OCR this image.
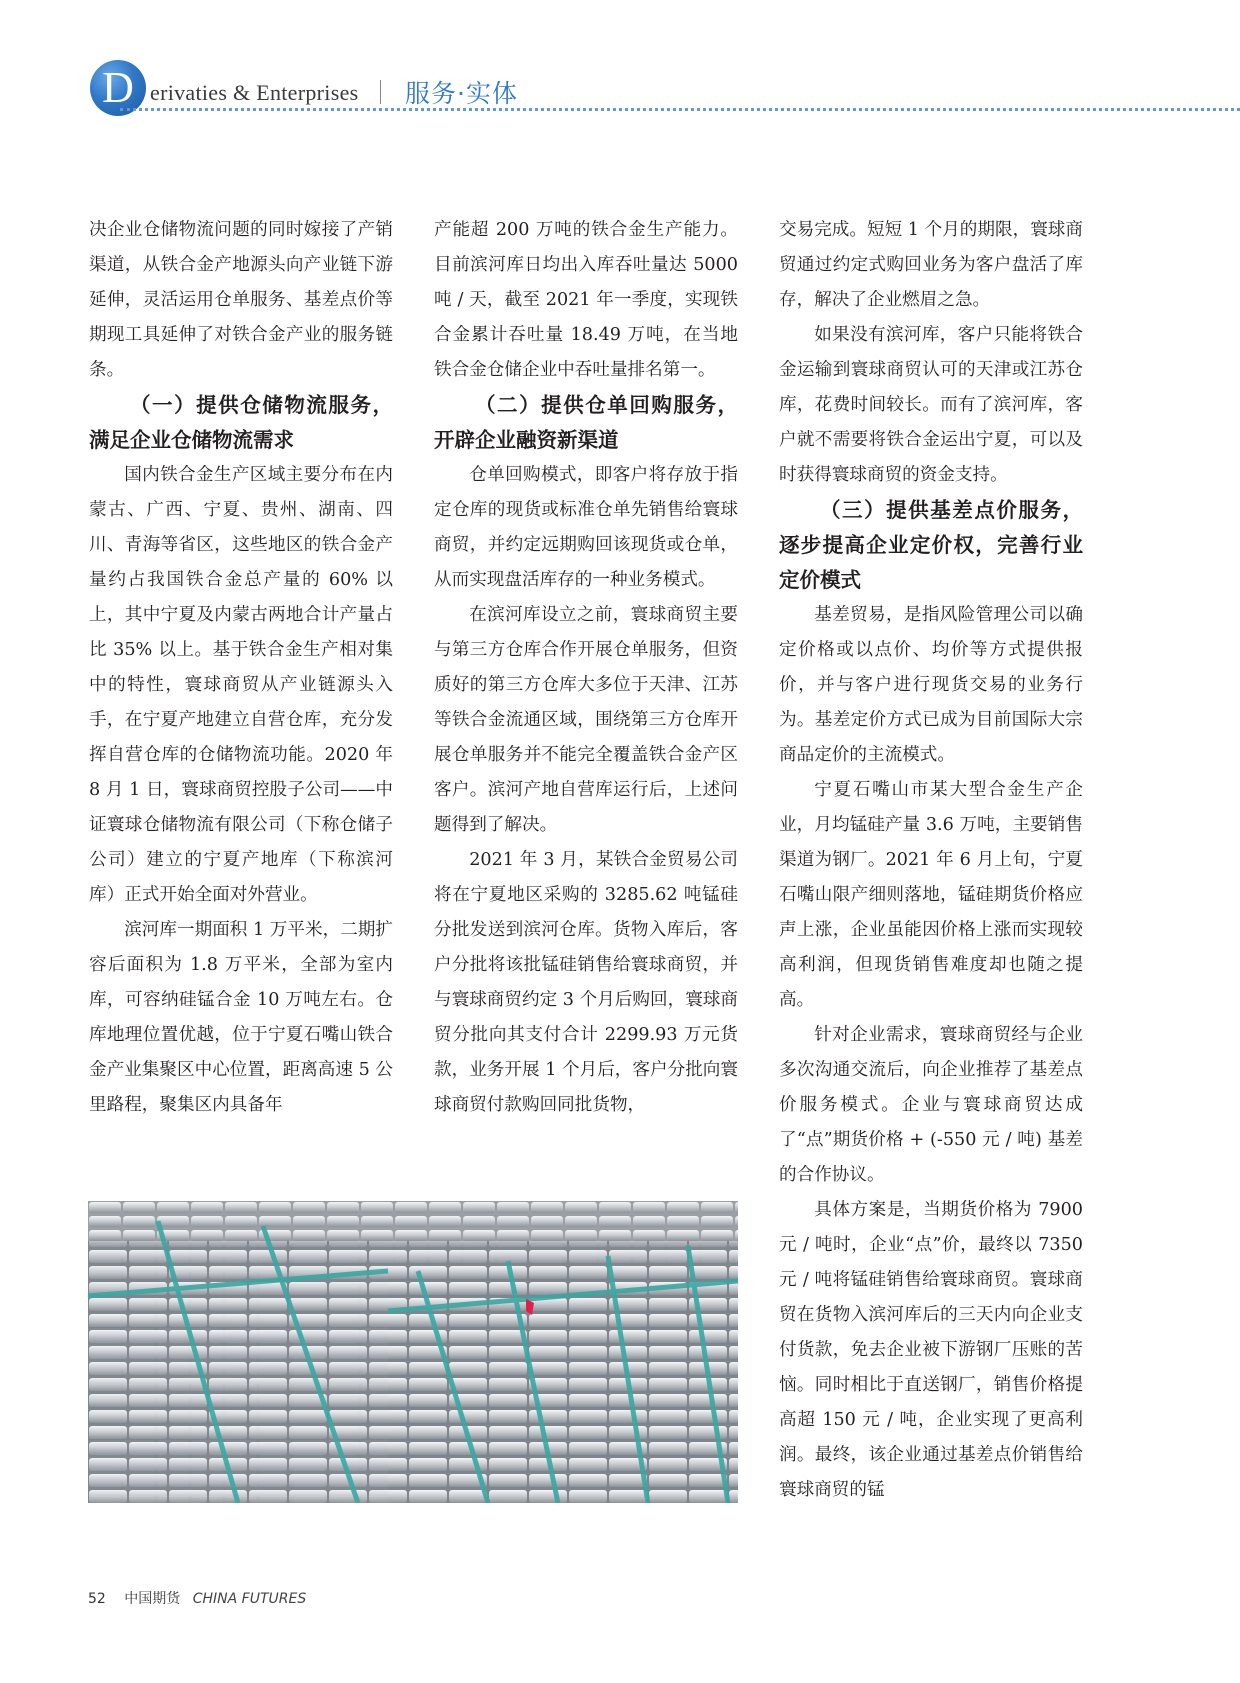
D erivaties & Enterprises 服务·实体

决企业仓储物流问题的同时嫁接了产销渠道，从铁合金产地源头向产业链下游延伸，灵活运用仓单服务、基差点价等期现工具延伸了对铁合金产业的服务链条。

（一）提供仓储物流服务，满足企业仓储物流需求

国内铁合金生产区域主要分布在内蒙古、广西、宁夏、贵州、湖南、四川、青海等省区，这些地区的铁合金产量约占我国铁合金总产量的 60% 以上，其中宁夏及内蒙古两地合计产量占比 35% 以上。基于铁合金生产相对集中的特性，寰球商贸从产业链源头入手，在宁夏产地建立自营仓库，充分发挥自营仓库的仓储物流功能。2020 年 8 月 1 日，寰球商贸控股子公司——中证寰球仓储物流有限公司（下称仓储子公司）建立的宁夏产地库（下称滨河库）正式开始全面对外营业。

滨河库一期面积 1 万平米，二期扩容后面积为 1.8 万平米，全部为室内库，可容纳硅锰合金 10 万吨左右。仓库地理位置优越，位于宁夏石嘴山铁合金产业集聚区中心位置，距离高速 5 公里路程，聚集区内具备年

产能超 200 万吨的铁合金生产能力。目前滨河库日均出入库吞吐量达 5000 吨 / 天，截至 2021 年一季度，实现铁合金累计吞吐量 18.49 万吨，在当地铁合金仓储企业中吞吐量排名第一。

（二）提供仓单回购服务，开辟企业融资新渠道

仓单回购模式，即客户将存放于指定仓库的现货或标准仓单先销售给寰球商贸，并约定远期购回该现货或仓单，从而实现盘活库存的一种业务模式。

在滨河库设立之前，寰球商贸主要与第三方仓库合作开展仓单服务，但资质好的第三方仓库大多位于天津、江苏等铁合金流通区域，围绕第三方仓库开展仓单服务并不能完全覆盖铁合金产区客户。滨河产地自营库运行后，上述问题得到了解决。

2021 年 3 月，某铁合金贸易公司将在宁夏地区采购的 3285.62 吨锰硅分批发送到滨河仓库。货物入库后，客户分批将该批锰硅销售给寰球商贸，并与寰球商贸约定 3 个月后购回，寰球商贸分批向其支付合计 2299.93 万元货款，业务开展 1 个月后，客户分批向寰球商贸付款购回同批货物，

交易完成。短短 1 个月的期限，寰球商贸通过约定式购回业务为客户盘活了库存，解决了企业燃眉之急。

如果没有滨河库，客户只能将铁合金运输到寰球商贸认可的天津或江苏仓库，花费时间较长。而有了滨河库，客户就不需要将铁合金运出宁夏，可以及时获得寰球商贸的资金支持。

（三）提供基差点价服务，逐步提高企业定价权，完善行业定价模式

基差贸易，是指风险管理公司以确定价格或以点价、均价等方式提供报价，并与客户进行现货交易的业务行为。基差定价方式已成为目前国际大宗商品定价的主流模式。

宁夏石嘴山市某大型合金生产企业，月均锰硅产量 3.6 万吨，主要销售渠道为钢厂。2021 年 6 月上旬，宁夏石嘴山限产细则落地，锰硅期货价格应声上涨，企业虽能因价格上涨而实现较高利润，但现货销售难度却也随之提高。

针对企业需求，寰球商贸经与企业多次沟通交流后，向企业推荐了基差点价服务模式。企业与寰球商贸达成了“点”期货价格 + (-550 元 / 吨) 基差的合作协议。

具体方案是，当期货价格为 7900 元 / 吨时，企业“点”价，最终以 7350 元 / 吨将锰硅销售给寰球商贸。寰球商贸在货物入滨河库后的三天内向企业支付货款，免去企业被下游钢厂压账的苦恼。同时相比于直送钢厂，销售价格提高超 150 元 / 吨，企业实现了更高利润。最终，该企业通过基差点价销售给寰球商贸的锰

52 中国期货 CHINA FUTURES
